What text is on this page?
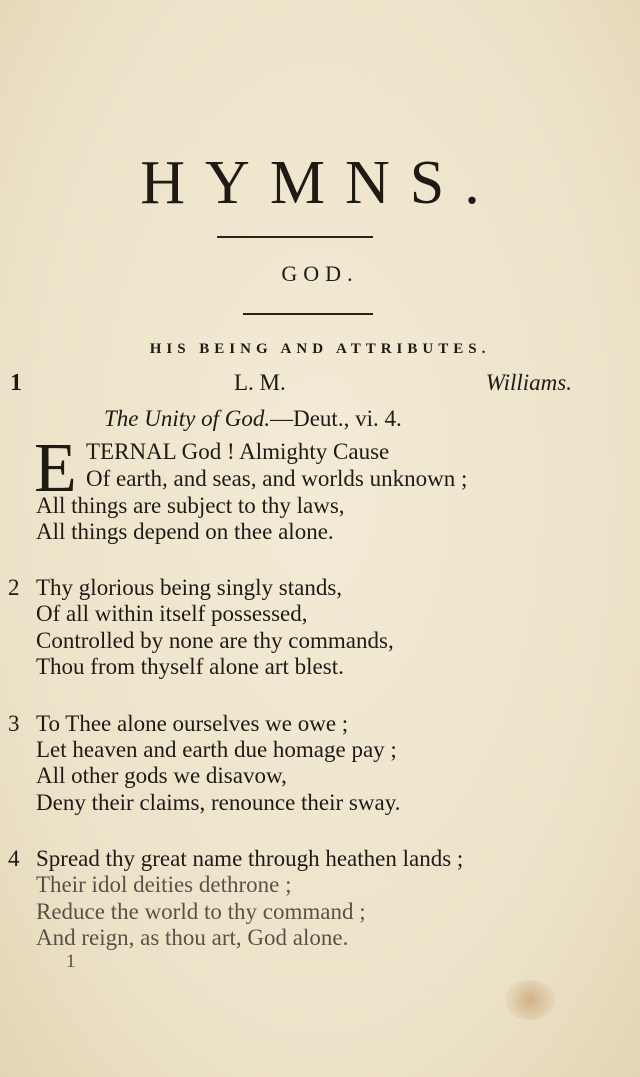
HYMNS.
GOD.
HIS BEING AND ATTRIBUTES.
1	L. M.	Williams.
The Unity of God.—Deut., vi. 4.
E TERNAL God ! Almighty Cause
Of earth, and seas, and worlds unknown ;
All things are subject to thy laws,
All things depend on thee alone.
2 Thy glorious being singly stands,
Of all within itself possessed,
Controlled by none are thy commands,
Thou from thyself alone art blest.
3 To Thee alone ourselves we owe ;
Let heaven and earth due homage pay ;
All other gods we disavow,
Deny their claims, renounce their sway.
4 Spread thy great name through heathen lands ;
Their idol deities dethrone ;
Reduce the world to thy command ;
And reign, as thou art, God alone.
1
